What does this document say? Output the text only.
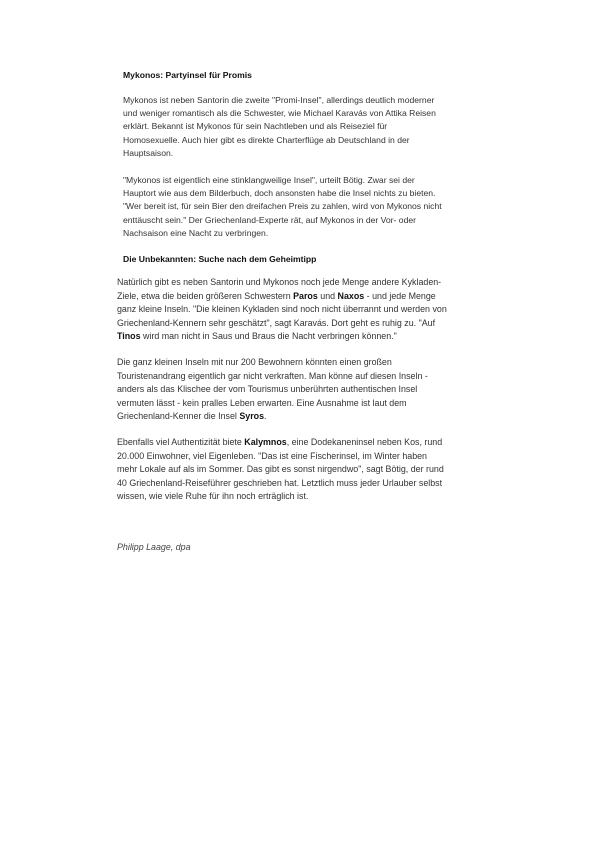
Mykonos: Partyinsel für Promis

Mykonos ist neben Santorin die zweite "Promi-Insel", allerdings deutlich moderner
und weniger romantisch als die Schwester, wie Michael Karavás von Attika Reisen
erklärt. Bekannt ist Mykonos für sein Nachtleben und als Reiseziel für
Homosexuelle. Auch hier gibt es direkte Charterflüge ab Deutschland in der
Hauptsaison.

"Mykonos ist eigentlich eine stinklangweilige Insel", urteilt Bötig. Zwar sei der
Hauptort wie aus dem Bilderbuch, doch ansonsten habe die Insel nichts zu bieten.
"Wer bereit ist, für sein Bier den dreifachen Preis zu zahlen, wird von Mykonos nicht
enttäuscht sein." Der Griechenland-Experte rät, auf Mykonos in der Vor- oder
Nachsaison eine Nacht zu verbringen.

Die Unbekannten: Suche nach dem Geheimtipp

Natürlich gibt es neben Santorin und Mykonos noch jede Menge andere Kykladen-
Ziele, etwa die beiden größeren Schwestern Paros und Naxos - und jede Menge
ganz kleine Inseln. "Die kleinen Kykladen sind noch nicht überrannt und werden von
Griechenland-Kennern sehr geschätzt", sagt Karavás. Dort geht es ruhig zu. "Auf
Tinos wird man nicht in Saus und Braus die Nacht verbringen können."

Die ganz kleinen Inseln mit nur 200 Bewohnern könnten einen großen
Touristenandrang eigentlich gar nicht verkraften. Man könne auf diesen Inseln -
anders als das Klischee der vom Tourismus unberührten authentischen Insel
vermuten lässt - kein pralles Leben erwarten. Eine Ausnahme ist laut dem
Griechenland-Kenner die Insel Syros.

Ebenfalls viel Authentizität biete Kalymnos, eine Dodekaneninsel neben Kos, rund
20.000 Einwohner, viel Eigenleben. "Das ist eine Fischerinsel, im Winter haben
mehr Lokale auf als im Sommer. Das gibt es sonst nirgendwo", sagt Bötig, der rund
40 Griechenland-Reiseführer geschrieben hat. Letztlich muss jeder Urlauber selbst
wissen, wie viele Ruhe für ihn noch erträglich ist.

Philipp Laage, dpa
